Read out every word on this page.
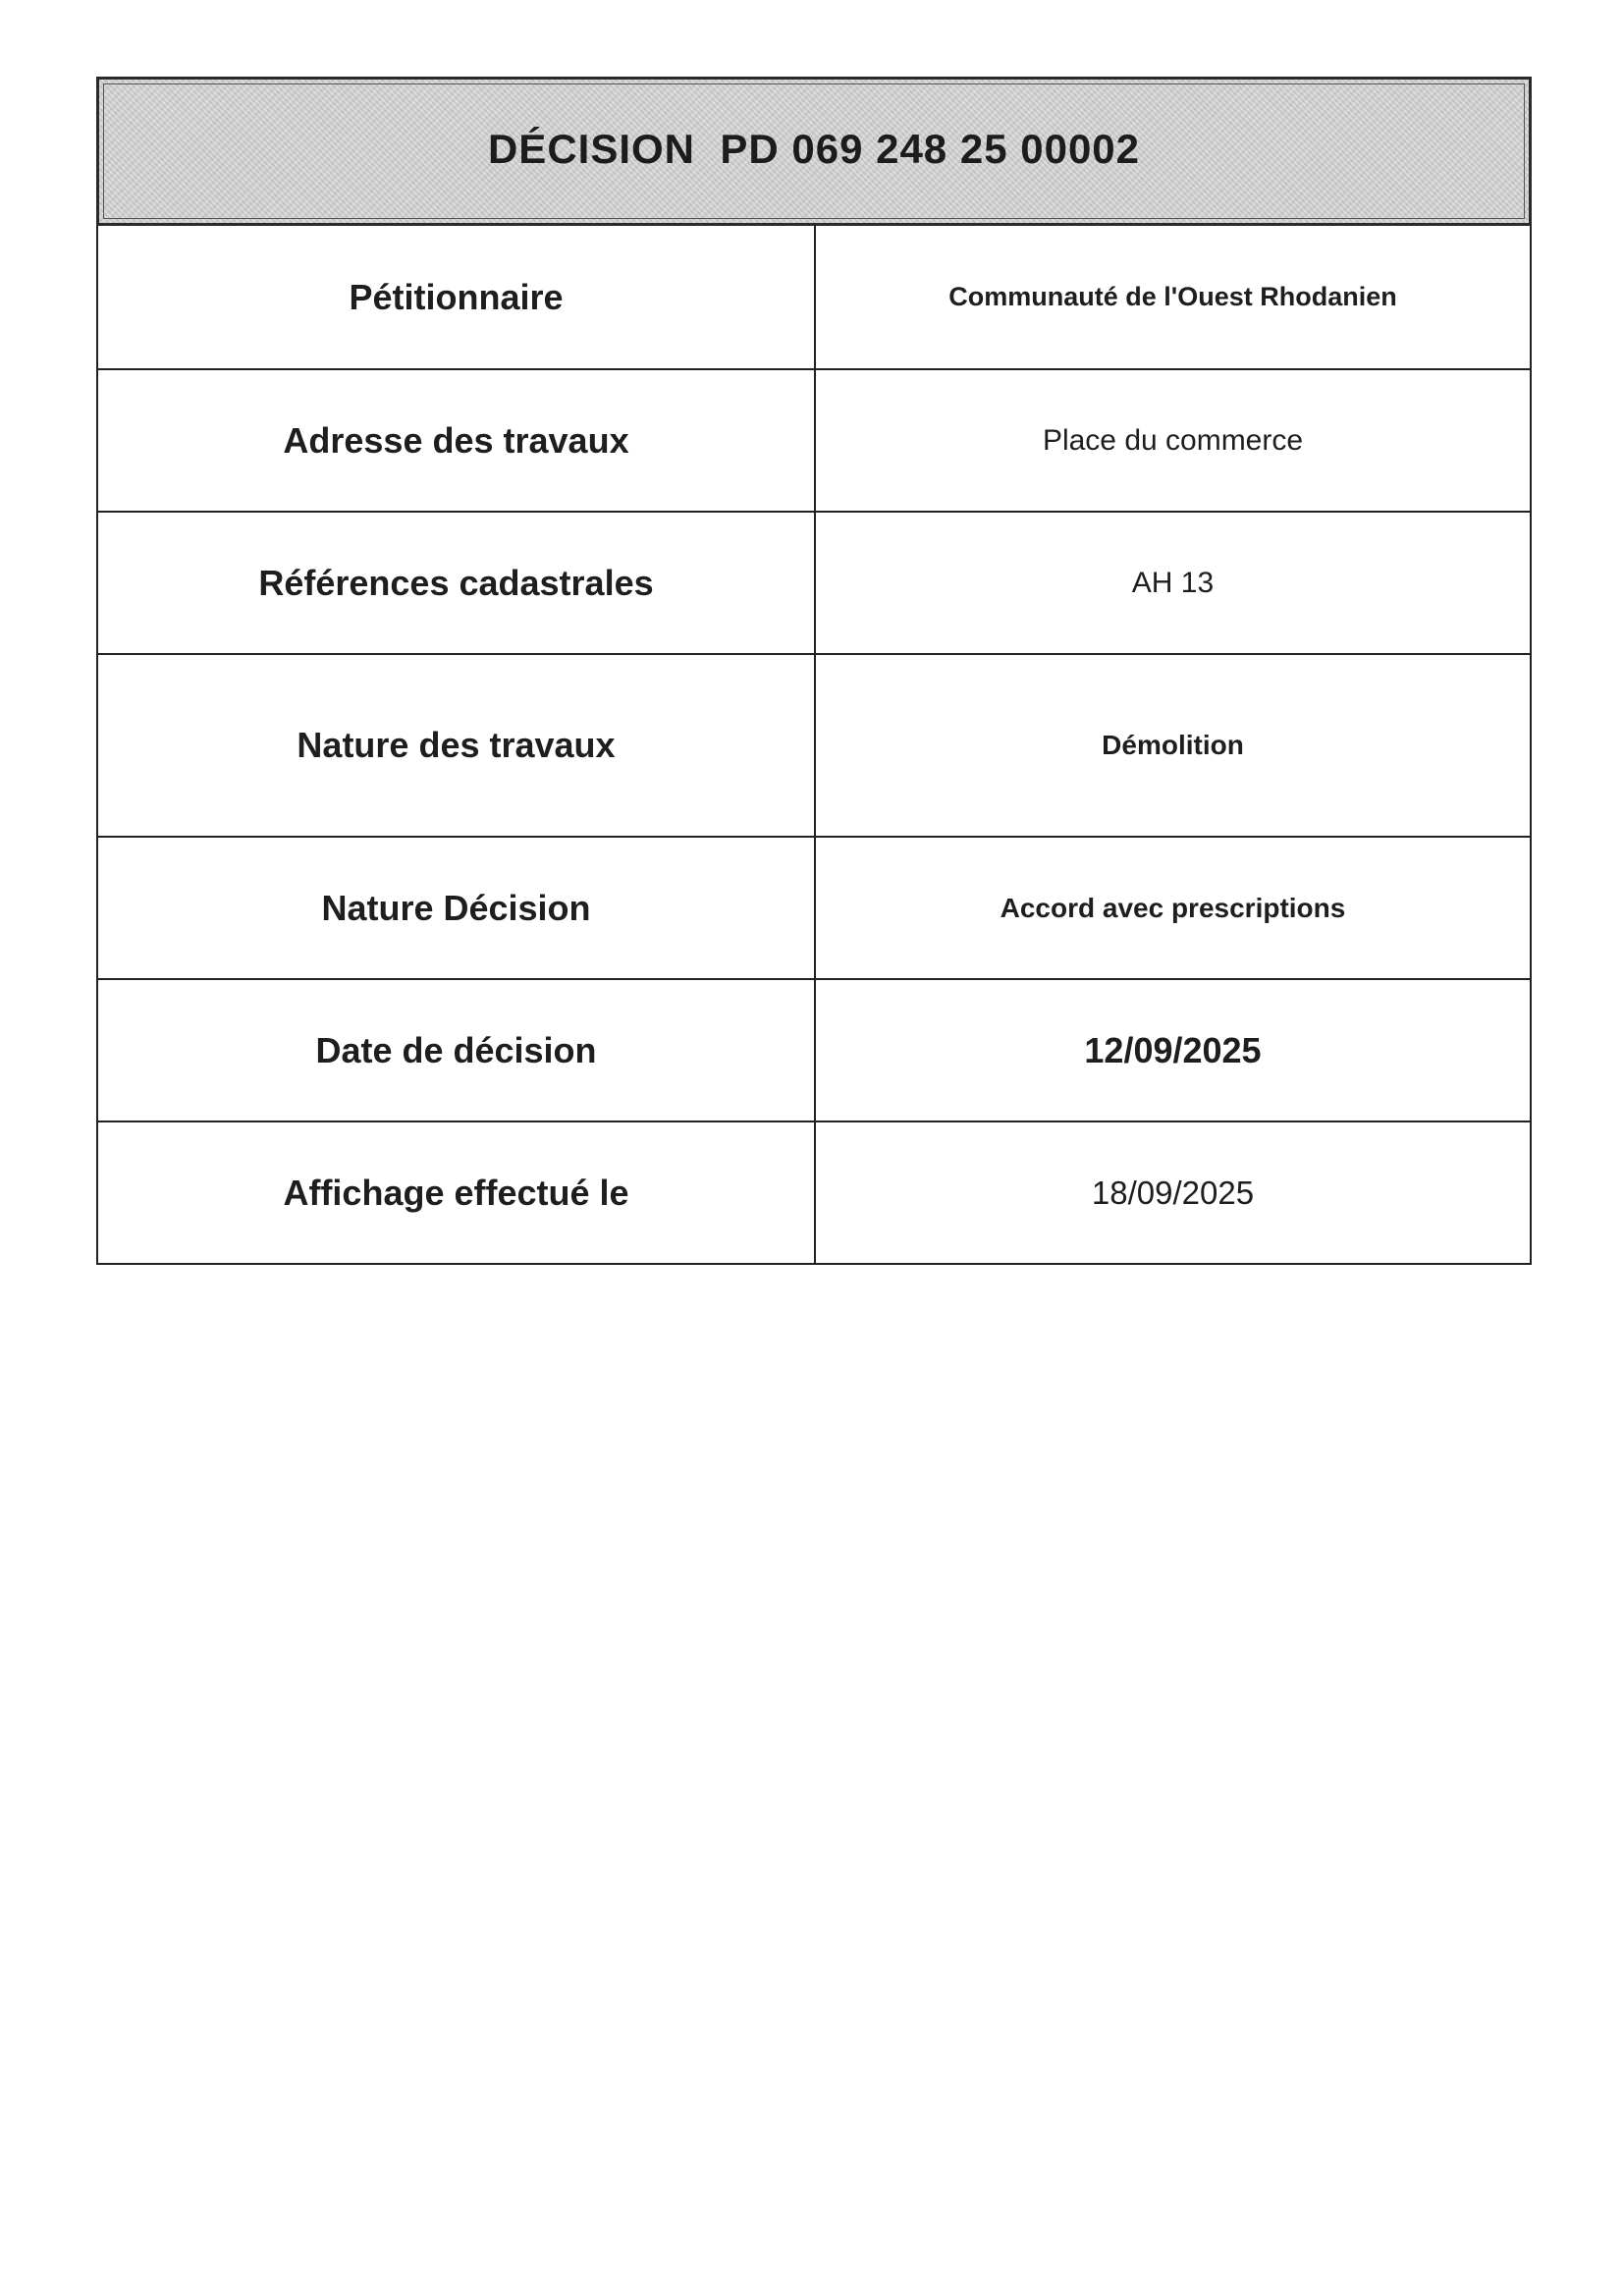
DÉCISION  PD 069 248 25 00002
Pétitionnaire	Communauté de l'Ouest Rhodanien
Adresse des travaux	Place du commerce
Références cadastrales	AH 13
Nature des travaux	Démolition
Nature Décision	Accord avec prescriptions
Date de décision	12/09/2025
Affichage effectué le	18/09/2025
